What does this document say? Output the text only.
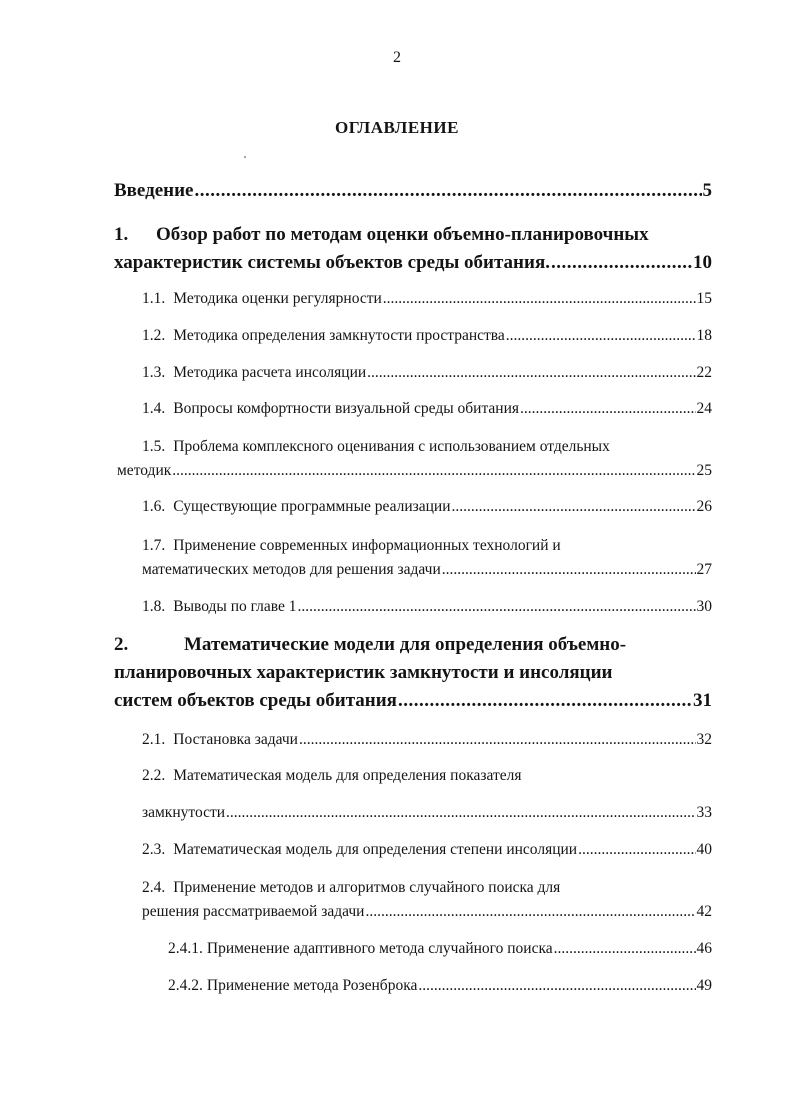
2
ОГЛАВЛЕНИЕ
Введение .....	5
1. Обзор работ по методам оценки объемно-планировочных
характеристик системы объектов среды обитания. .....	10
1.1. Методика оценки регулярности .....	15
1.2. Методика определения замкнутости пространства .....	18
1.3. Методика расчета инсоляции .....	22
1.4. Вопросы комфортности визуальной среды обитания .....	24
1.5. Проблема комплексного оценивания с использованием отдельных
методик .....	25
1.6. Существующие программные реализации .....	26
1.7. Применение современных информационных технологий и
математических методов для решения задачи .....	27
1.8. Выводы по главе 1 .....	30
2.	Математические модели для определения объемно-
планировочных характеристик замкнутости и инсоляции
систем объектов среды обитания .....	31
2.1. Постановка задачи .....	32
2.2. Математическая модель для определения показателя
замкнутости .....	33
2.3. Математическая модель для определения степени инсоляции .....	40
2.4. Применение методов и алгоритмов случайного поиска для
решения рассматриваемой задачи .....	42
2.4.1. Применение адаптивного метода случайного поиска .....	46
2.4.2. Применение метода Розенброка .....	49
